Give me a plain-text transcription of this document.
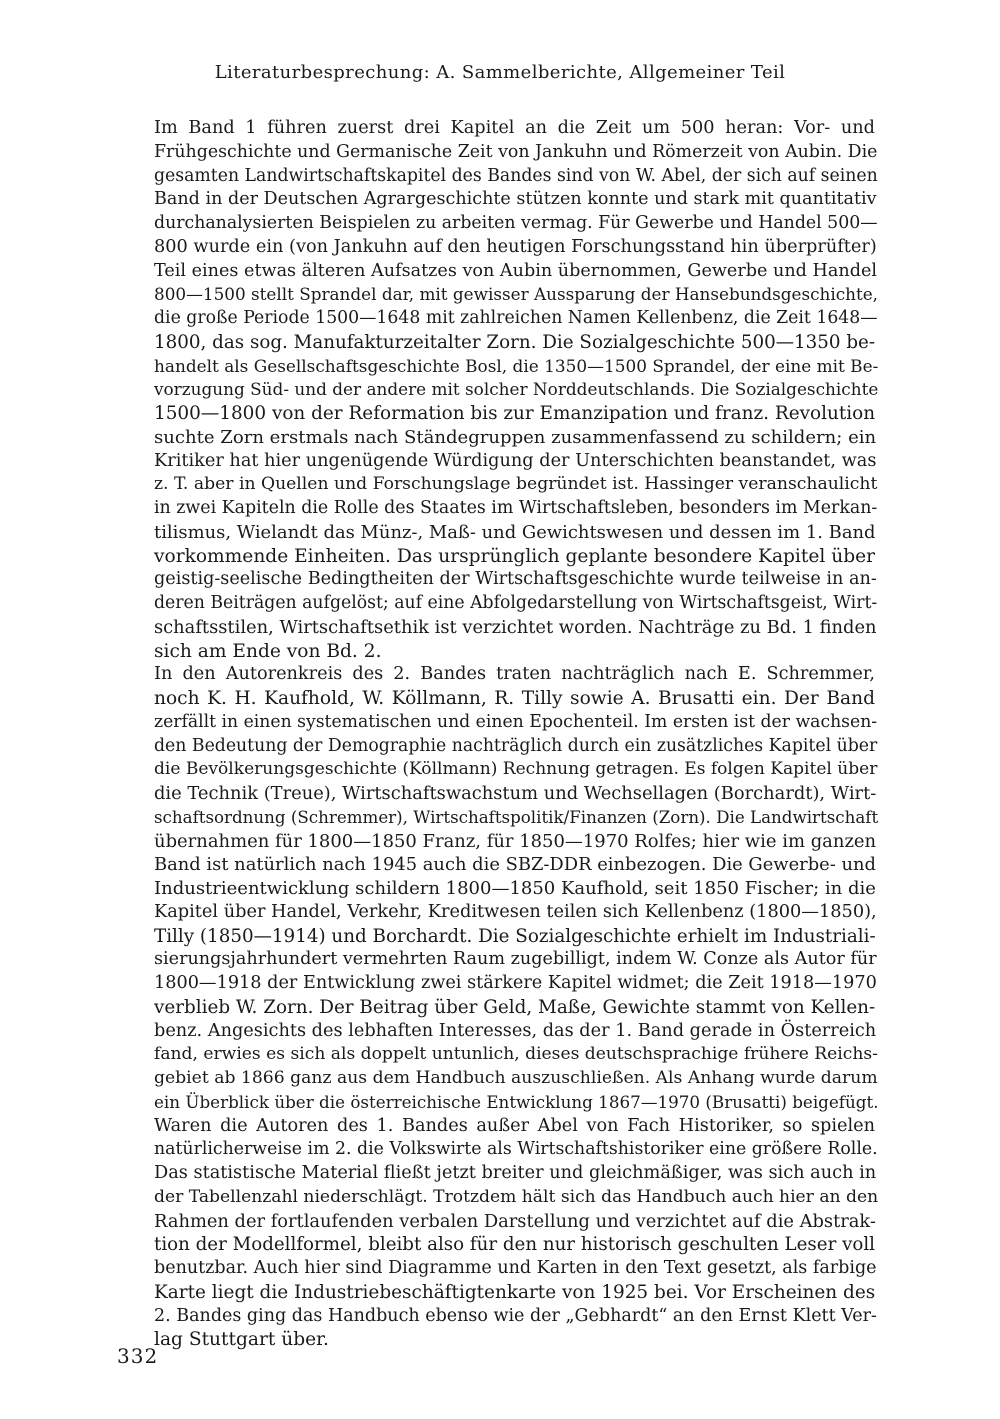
Literaturbesprechung: A. Sammelberichte, Allgemeiner Teil

Im Band 1 führen zuerst drei Kapitel an die Zeit um 500 heran: Vor- und
Frühgeschichte und Germanische Zeit von Jankuhn und Römerzeit von Aubin. Die
gesamten Landwirtschaftskapitel des Bandes sind von W. Abel, der sich auf seinen
Band in der Deutschen Agrargeschichte stützen konnte und stark mit quantitativ
durchanalysierten Beispielen zu arbeiten vermag. Für Gewerbe und Handel 500—
800 wurde ein (von Jankuhn auf den heutigen Forschungsstand hin überprüfter)
Teil eines etwas älteren Aufsatzes von Aubin übernommen, Gewerbe und Handel
800—1500 stellt Sprandel dar, mit gewisser Aussparung der Hansebundsgeschichte,
die große Periode 1500—1648 mit zahlreichen Namen Kellenbenz, die Zeit 1648—
1800, das sog. Manufakturzeitalter Zorn. Die Sozialgeschichte 500—1350 be-
handelt als Gesellschaftsgeschichte Bosl, die 1350—1500 Sprandel, der eine mit Be-
vorzugung Süd- und der andere mit solcher Norddeutschlands. Die Sozialgeschichte
1500—1800 von der Reformation bis zur Emanzipation und franz. Revolution
suchte Zorn erstmals nach Ständegruppen zusammenfassend zu schildern; ein
Kritiker hat hier ungenügende Würdigung der Unterschichten beanstandet, was
z. T. aber in Quellen und Forschungslage begründet ist. Hassinger veranschaulicht
in zwei Kapiteln die Rolle des Staates im Wirtschaftsleben, besonders im Merkan-
tilismus, Wielandt das Münz-, Maß- und Gewichtswesen und dessen im 1. Band
vorkommende Einheiten. Das ursprünglich geplante besondere Kapitel über
geistig-seelische Bedingtheiten der Wirtschaftsgeschichte wurde teilweise in an-
deren Beiträgen aufgelöst; auf eine Abfolgedarstellung von Wirtschaftsgeist, Wirt-
schaftsstilen, Wirtschaftsethik ist verzichtet worden. Nachträge zu Bd. 1 finden
sich am Ende von Bd. 2.

In den Autorenkreis des 2. Bandes traten nachträglich nach E. Schremmer,
noch K. H. Kaufhold, W. Köllmann, R. Tilly sowie A. Brusatti ein. Der Band
zerfällt in einen systematischen und einen Epochenteil. Im ersten ist der wachsen-
den Bedeutung der Demographie nachträglich durch ein zusätzliches Kapitel über
die Bevölkerungsgeschichte (Köllmann) Rechnung getragen. Es folgen Kapitel über
die Technik (Treue), Wirtschaftswachstum und Wechsellagen (Borchardt), Wirt-
schaftsordnung (Schremmer), Wirtschaftspolitik/Finanzen (Zorn). Die Landwirtschaft
übernahmen für 1800—1850 Franz, für 1850—1970 Rolfes; hier wie im ganzen
Band ist natürlich nach 1945 auch die SBZ-DDR einbezogen. Die Gewerbe- und
Industrieentwicklung schildern 1800—1850 Kaufhold, seit 1850 Fischer; in die
Kapitel über Handel, Verkehr, Kreditwesen teilen sich Kellenbenz (1800—1850),
Tilly (1850—1914) und Borchardt. Die Sozialgeschichte erhielt im Industriali-
sierungsjahrhundert vermehrten Raum zugebilligt, indem W. Conze als Autor für
1800—1918 der Entwicklung zwei stärkere Kapitel widmet; die Zeit 1918—1970
verblieb W. Zorn. Der Beitrag über Geld, Maße, Gewichte stammt von Kellen-
benz. Angesichts des lebhaften Interesses, das der 1. Band gerade in Österreich
fand, erwies es sich als doppelt untunlich, dieses deutschsprachige frühere Reichs-
gebiet ab 1866 ganz aus dem Handbuch auszuschließen. Als Anhang wurde darum
ein Überblick über die österreichische Entwicklung 1867—1970 (Brusatti) beigefügt.

Waren die Autoren des 1. Bandes außer Abel von Fach Historiker, so spielen
natürlicherweise im 2. die Volkswirte als Wirtschaftshistoriker eine größere Rolle.
Das statistische Material fließt jetzt breiter und gleichmäßiger, was sich auch in
der Tabellenzahl niederschlägt. Trotzdem hält sich das Handbuch auch hier an den
Rahmen der fortlaufenden verbalen Darstellung und verzichtet auf die Abstrak-
tion der Modellformel, bleibt also für den nur historisch geschulten Leser voll
benutzbar. Auch hier sind Diagramme und Karten in den Text gesetzt, als farbige
Karte liegt die Industriebeschäftigtenkarte von 1925 bei. Vor Erscheinen des
2. Bandes ging das Handbuch ebenso wie der „Gebhardt“ an den Ernst Klett Ver-
lag Stuttgart über.

332
